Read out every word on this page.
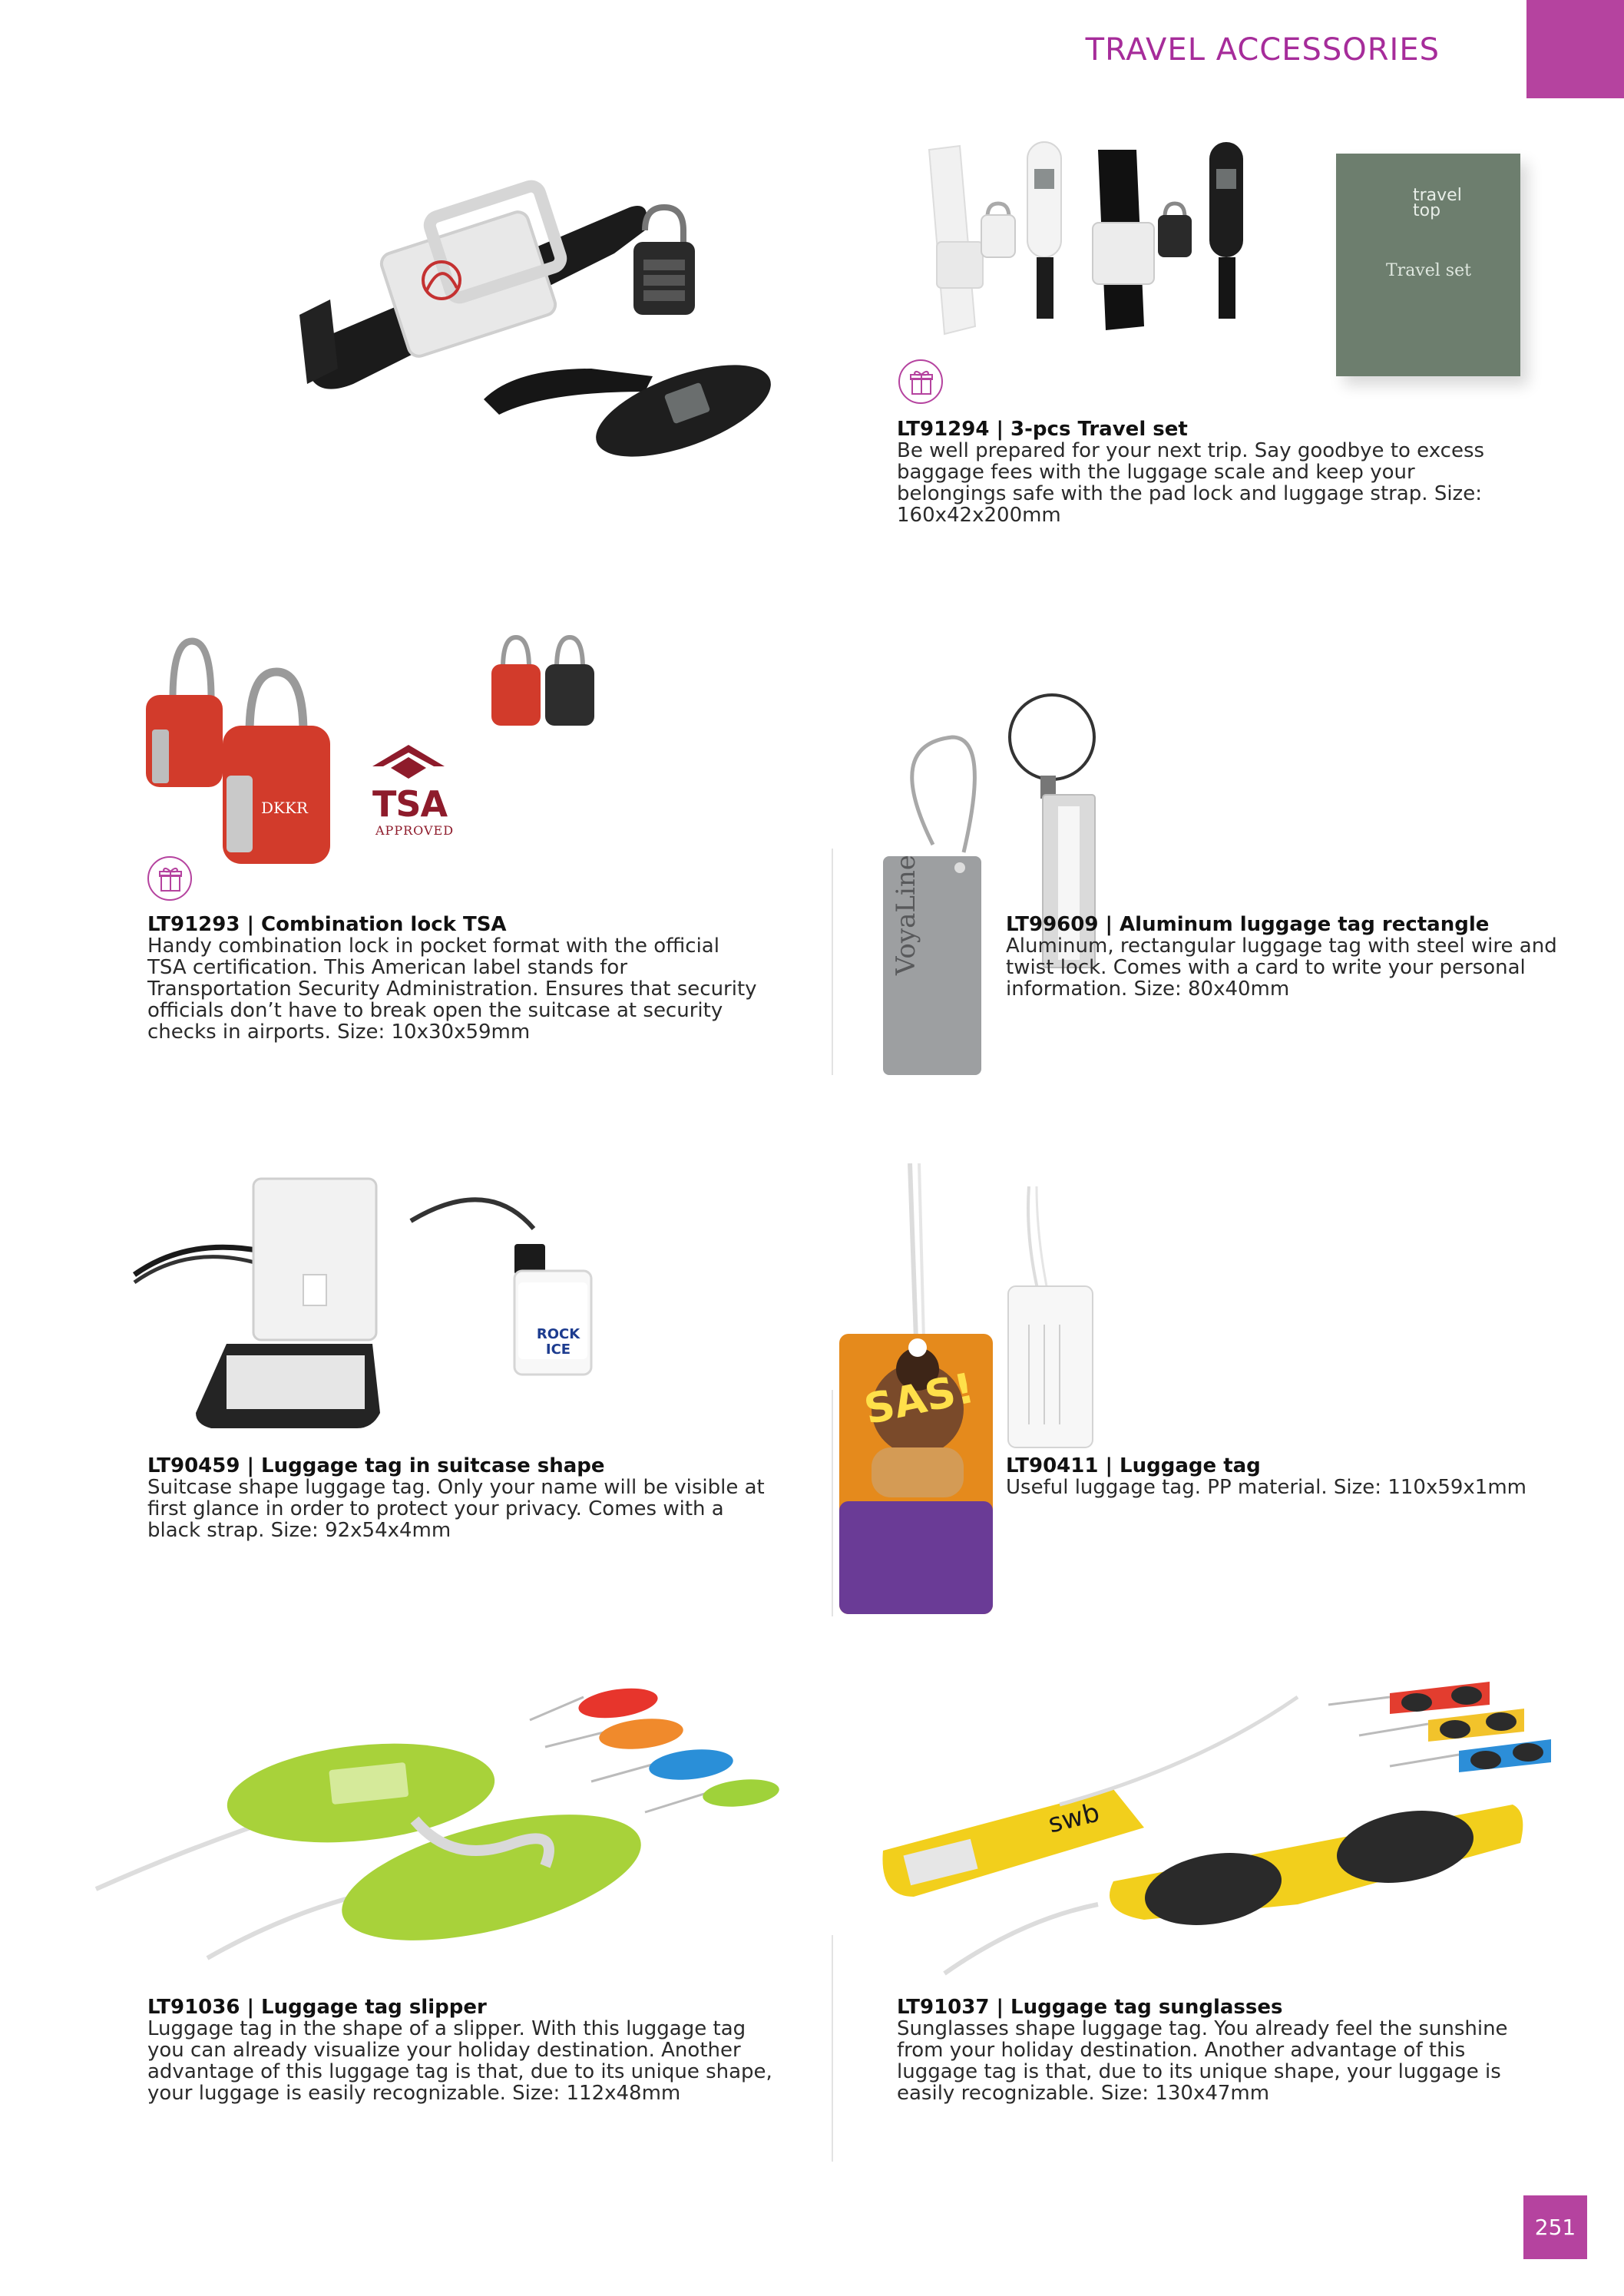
TRAVEL ACCESSORIES
travel top
Travel set
LT91294 | 3-pcs Travel set
Be well prepared for your next trip. Say goodbye to excess baggage fees with the luggage scale and keep your belongings safe with the pad lock and luggage strap. Size: 160x42x200mm
DKKR TSA
APPROVED
LT91293 | Combination lock TSA
Handy combination lock in pocket format with the official TSA certification. This American label stands for Transportation Security Administration. Ensures that security officials don’t have to break open the suitcase at security checks in airports. Size: 10x30x59mm
VoyaLine	LT99609 | Aluminum luggage tag rectangle
Aluminum, rectangular luggage tag with steel wire and twist lock. Comes with a card to write your personal information. Size: 80x40mm
ROCK ICE
LT90459 | Luggage tag in suitcase shape
Suitcase shape luggage tag. Only your name will be visible at first glance in order to protect your privacy. Comes with a black strap. Size: 92x54x4mm
SAS!
LT90411 | Luggage tag
Useful luggage tag. PP material. Size: 110x59x1mm
LT91036 | Luggage tag slipper
Luggage tag in the shape of a slipper. With this luggage tag you can already visualize your holiday destination. Another advantage of this luggage tag is that, due to its unique shape, your luggage is easily recognizable. Size: 112x48mm
swb
LT91037 | Luggage tag sunglasses
Sunglasses shape luggage tag. You already feel the sunshine from your holiday destination. Another advantage of this luggage tag is that, due to its unique shape, your luggage is easily recognizable. Size: 130x47mm
251
